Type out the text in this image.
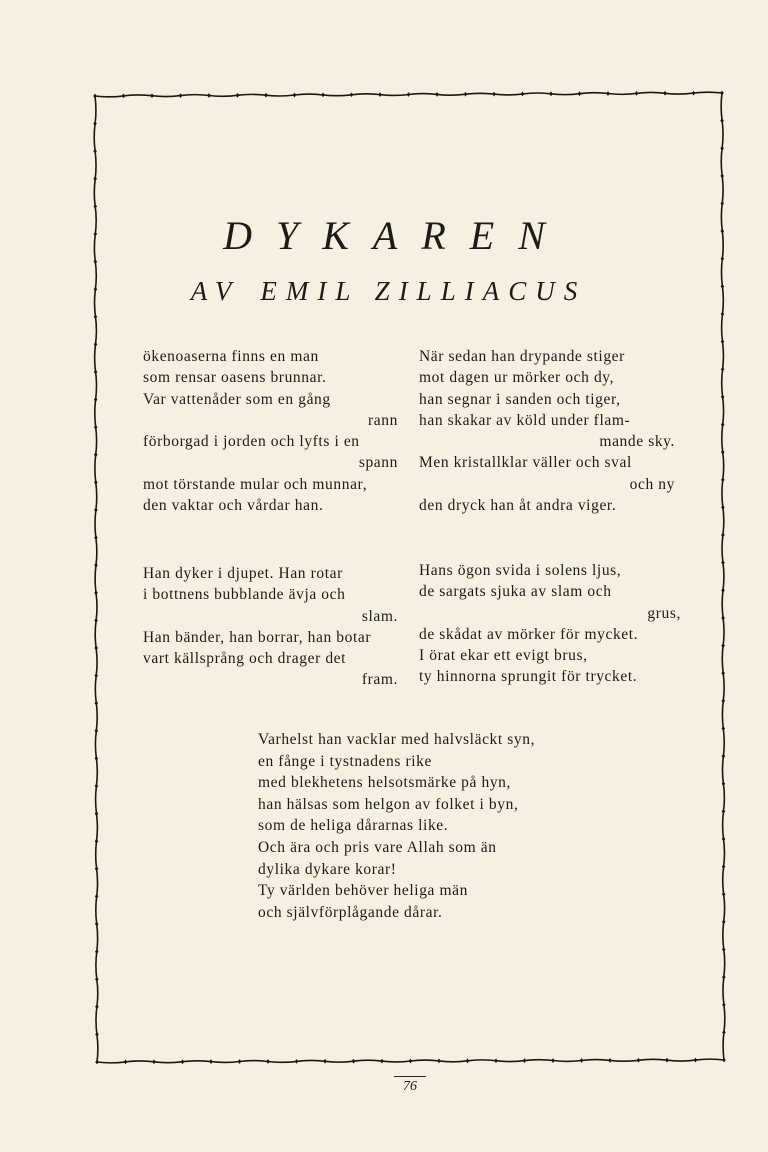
DYKAREN
AV EMIL ZILLIACUS
ökenoaserna finns en man
som rensar oasens brunnar.
Var vattenåder som en gång
rann
förborgad i jorden och lyfts i en
spann
mot törstande mular och munnar,
den vaktar och vårdar han.
När sedan han drypande stiger
mot dagen ur mörker och dy,
han segnar i sanden och tiger,
han skakar av köld under flam-
mande sky.
Men kristallklar väller och sval
och ny
den dryck han åt andra viger.
Han dyker i djupet. Han rotar
i bottnens bubblande ävja och
slam.
Han bänder, han borrar, han botar
vart källsprång och drager det
fram.
Hans ögon svida i solens ljus,
de sargats sjuka av slam och
grus,
de skådat av mörker för mycket.
I örat ekar ett evigt brus,
ty hinnorna sprungit för trycket.
Varhelst han vacklar med halvsläckt syn,
en fånge i tystnadens rike
med blekhetens helsotsmärke på hyn,
han hälsas som helgon av folket i byn,
som de heliga dårarnas like.
Och ära och pris vare Allah som än
dylika dykare korar!
Ty världen behöver heliga män
och självförplågande dårar.
76
